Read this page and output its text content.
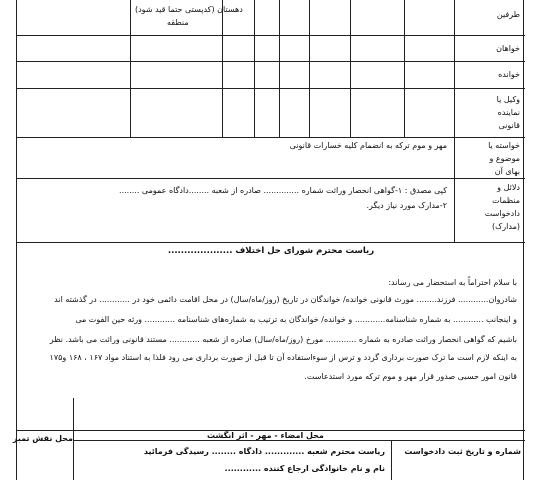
دهستان (کدپستی حتما قید شود)
منطقه
طرفین
خواهان
خوانده
وکیل یا
نماینده
قانونی
خواسته یا
موضوع و
بهای آن
دلائل و
منظمات
دادخواست
(مدارک)
مهر و موم ترکه به انضمام کلیه خسارات قانونی
کپی مصدق : ۱-گواهی انحصار وراثت شماره .............. صادره از شعبه ........دادگاه عمومی ........
۲-مدارک مورد نیاز دیگر.
ریاست محترم شورای حل اختلاف ....................
با سلام احتراماً به استحضار می رساند:
شادروان............ فرزند........ مورث قانونی خوانده/ خواندگان در تاریخ (روز/ماه/سال) در محل اقامت دائمی خود در ............ در گذشته اند
و اینجانب ............ به شماره شناسنامه............ و خوانده/ خواندگان به ترتیب به شماره‌های شناسنامه ............ ورثه حین الفوت می
باشیم که گواهی انحصار وراثت صادره به شماره ............ مورخ (روز/ماه/سال) صادره از شعبه ............ مستند قانونی وراثت می باشد. نظر
به اینکه لازم است ما ترک صورت برداری گردد و ترس از سوءاستفاده آن تا قبل از صورت برداری می رود فلذا به استناد مواد ۱۶۷ ، ۱۶۸ و۱۷۵
قانون امور حسبی صدور قرار مهر و موم ترکه مورد استدعاست.
محل نقش تمبر	محل امضاء - مهر - اثر انگشت
شماره و تاریخ ثبت دادخواست
ریاست محترم شعبه ............. دادگاه ........ رسیدگی فرمائید
نام و نام خانوادگی ارجاع کننده ............
